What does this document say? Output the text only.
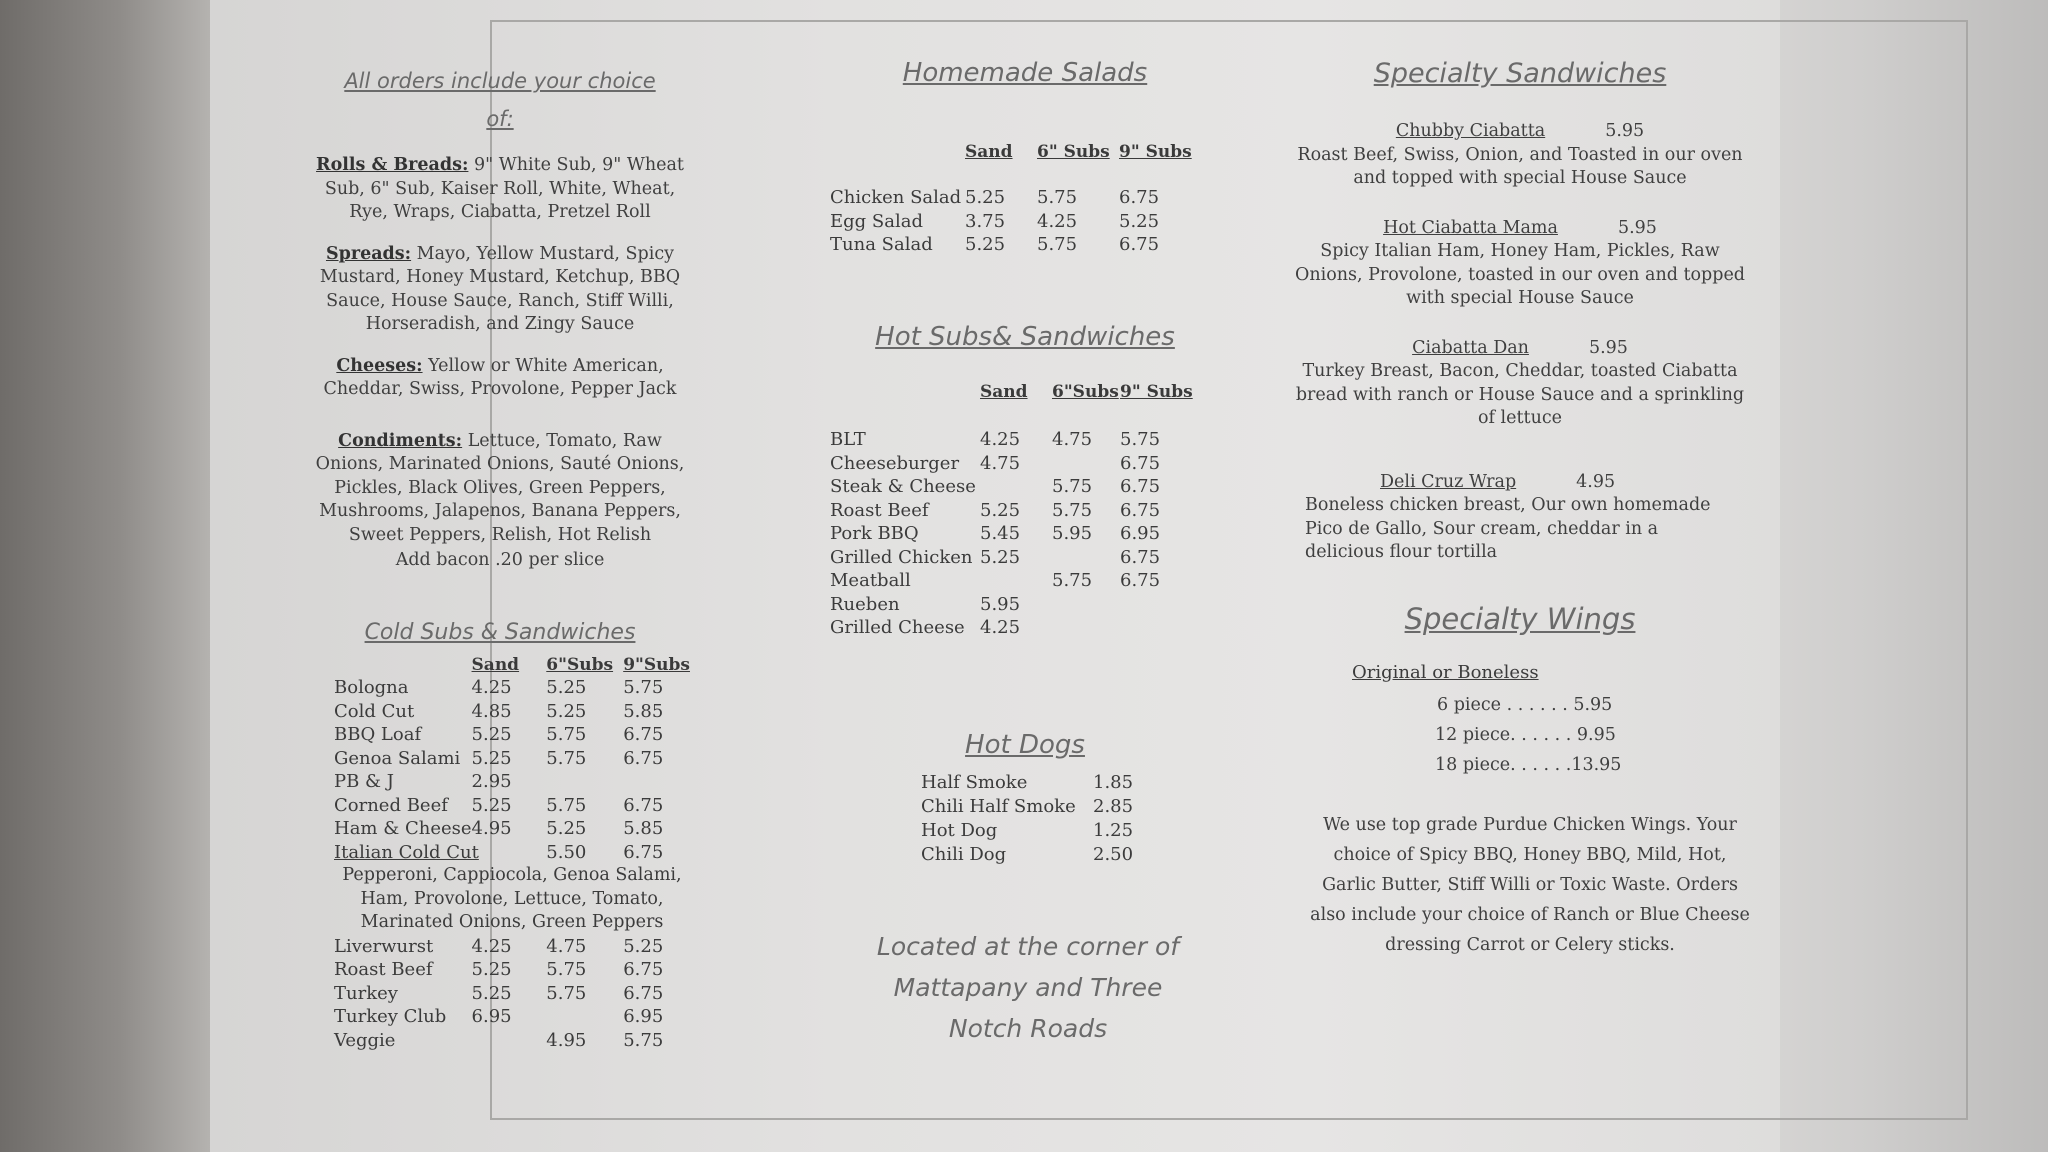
All orders include your choice of:
Rolls & Breads: 9" White Sub, 9" Wheat Sub, 6" Sub, Kaiser Roll, White, Wheat, Rye, Wraps, Ciabatta, Pretzel Roll
Spreads: Mayo, Yellow Mustard, Spicy Mustard, Honey Mustard, Ketchup, BBQ Sauce, House Sauce, Ranch, Stiff Willi, Horseradish, and Zingy Sauce
Cheeses: Yellow or White American, Cheddar, Swiss, Provolone, Pepper Jack
Condiments: Lettuce, Tomato, Raw Onions, Marinated Onions, Sauté Onions, Pickles, Black Olives, Green Peppers, Mushrooms, Jalapenos, Banana Peppers, Sweet Peppers, Relish, Hot Relish
Add bacon .20 per slice
Cold Subs & Sandwiches
	Sand	6"Subs	9"Subs
Bologna	4.25	5.25	5.75
Cold Cut	4.85	5.25	5.85
BBQ Loaf	5.25	5.75	6.75
Genoa Salami	5.25	5.75	6.75
PB & J	2.95		
Corned Beef	5.25	5.75	6.75
Ham & Cheese	4.95	5.25	5.85
Italian Cold Cut		5.50	6.75
Pepperoni, Cappiocola, Genoa Salami, Ham, Provolone, Lettuce, Tomato, Marinated Onions, Green Peppers			
Liverwurst	4.25	4.75	5.25
Roast Beef	5.25	5.75	6.75
Turkey	5.25	5.75	6.75
Turkey Club	6.95		6.95
Veggie		4.95	5.75
Homemade Salads
	Sand	6" Subs	9" Subs
Chicken Salad	5.25	5.75	6.75
Egg Salad	3.75	4.25	5.25
Tuna Salad	5.25	5.75	6.75
Hot Subs& Sandwiches
	Sand	6"Subs	9" Subs
BLT	4.25	4.75	5.75
Cheeseburger	4.75		6.75
Steak & Cheese		5.75	6.75
Roast Beef	5.25	5.75	6.75
Pork BBQ	5.45	5.95	6.95
Grilled Chicken	5.25		6.75
Meatball		5.75	6.75
Rueben	5.95		
Grilled Cheese	4.25		
Hot Dogs
Half Smoke	1.85
Chili Half Smoke	2.85
Hot Dog	1.25
Chili Dog	2.50
Located at the corner of Mattapany and Three Notch Roads
Specialty Sandwiches
Chubby Ciabatta	5.95
Roast Beef, Swiss, Onion, and Toasted in our oven and topped with special House Sauce
Hot Ciabatta Mama	5.95
Spicy Italian Ham, Honey Ham, Pickles, Raw Onions, Provolone, toasted in our oven and topped with special House Sauce
Ciabatta Dan	5.95
Turkey Breast, Bacon, Cheddar, toasted Ciabatta bread with ranch or House Sauce and a sprinkling of lettuce
Deli Cruz Wrap	4.95
Boneless chicken breast, Our own homemade Pico de Gallo, Sour cream, cheddar in a delicious flour tortilla
Specialty Wings
Original or Boneless
6 piece . . . . . . 5.95
12 piece. . . . . . 9.95
18 piece. . . . . .13.95
We use top grade Purdue Chicken Wings. Your choice of Spicy BBQ, Honey BBQ, Mild, Hot, Garlic Butter, Stiff Willi or Toxic Waste. Orders also include your choice of Ranch or Blue Cheese dressing Carrot or Celery sticks.
